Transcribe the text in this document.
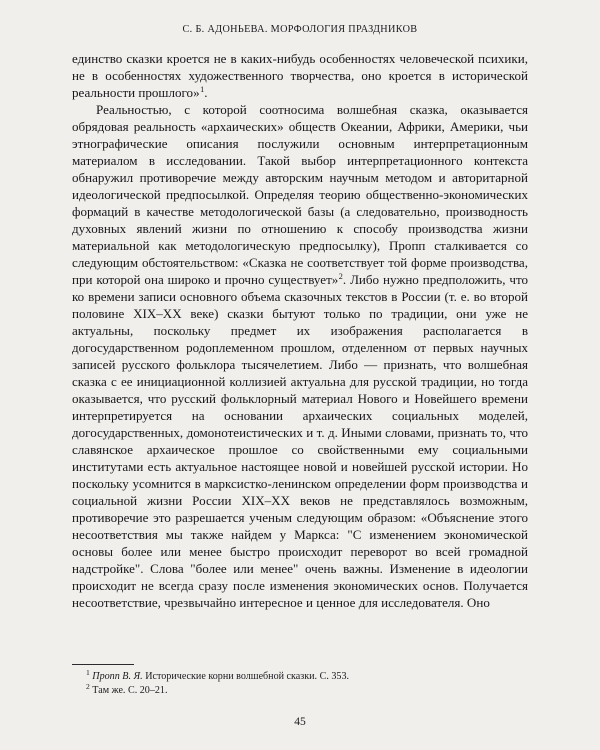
С. Б. АДОНЬЕВА. МОРФОЛОГИЯ ПРАЗДНИКОВ

единство сказки кроется не в каких-нибудь особенностях человеческой психики, не в особенностях художественного творчества, оно кроется в исторической реальности прошлого»$^1$.

Реальностью, с которой соотносима волшебная сказка, оказывается обрядовая реальность «архаических» обществ Океании, Африки, Америки, чьи этнографические описания послужили основным интерпретационным материалом в исследовании. Такой выбор интерпретационного контекста обнаружил противоречие между авторским научным методом и авторитарной идеологической предпосылкой. Определяя теорию общественно-экономических формаций в качестве методологической базы (а следовательно, производность духовных явлений жизни по отношению к способу производства жизни материальной как методологическую предпосылку), Пропп сталкивается со следующим обстоятельством: «Сказка не соответствует той форме производства, при которой она широко и прочно существует»$^2$. Либо нужно предположить, что ко времени записи основного объема сказочных текстов в России (т. е. во второй половине XIX–XX веке) сказки бытуют только по традиции, они уже не актуальны, поскольку предмет их изображения располагается в догосударственном родоплеменном прошлом, отделенном от первых научных записей русского фольклора тысячелетием. Либо — признать, что волшебная сказка с ее инициационной коллизией актуальна для русской традиции, но тогда оказывается, что русский фольклорный материал Нового и Новейшего времени интерпретируется на основании архаических социальных моделей, догосударственных, домонотеистических и т. д. Иными словами, признать то, что славянское архаическое прошлое со свойственными ему социальными институтами есть актуальное настоящее новой и новейшей русской истории. Но поскольку усомнится в марксистко-ленинском определении форм производства и социальной жизни России XIX–XX веков не представлялось возможным, противоречие это разрешается ученым следующим образом: «Объяснение этого несоответствия мы также найдем у Маркса: "С изменением экономической основы более или менее быстро происходит переворот во всей громадной надстройке". Слова "более или менее" очень важны. Изменение в идеологии происходит не всегда сразу после изменения экономических основ. Получается несоответствие, чрезвычайно интересное и ценное для исследователя. Оно

$^1$ Пропп В. Я. Исторические корни волшебной сказки. С. 353.
$^2$ Там же. С. 20–21.
45
